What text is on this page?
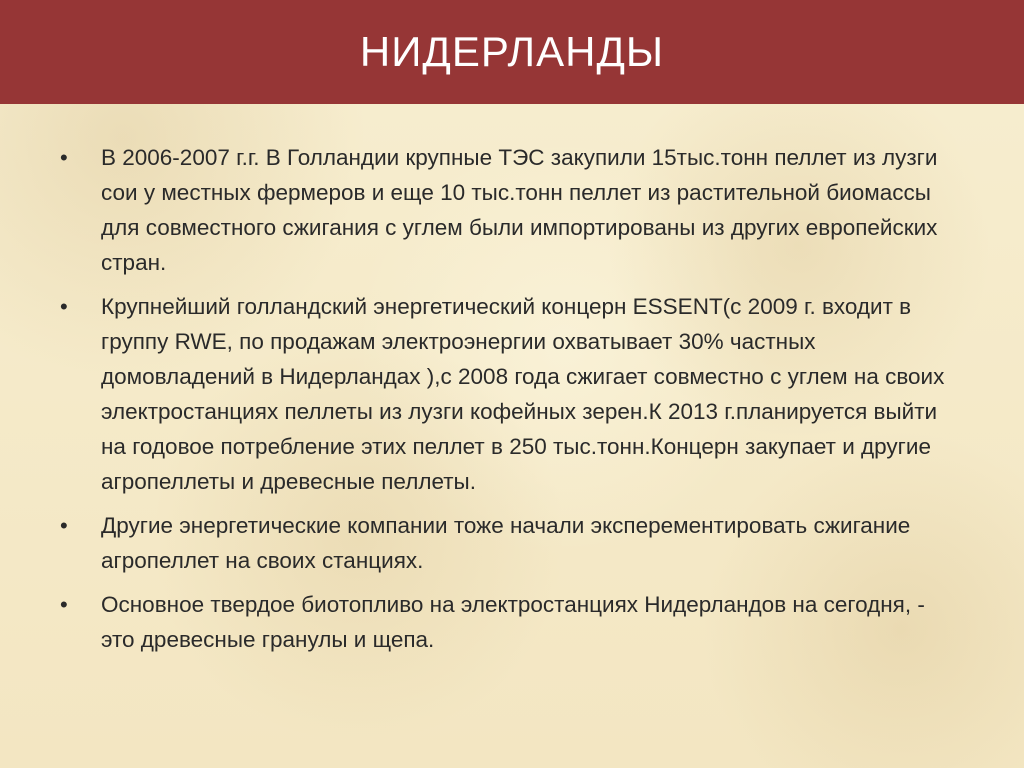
НИДЕРЛАНДЫ
•	В 2006-2007 г.г. В Голландии крупные ТЭС закупили 15тыс.тонн пеллет из лузги сои у местных фермеров и еще 10 тыс.тонн пеллет из растительной биомассы для совместного сжигания с углем были импортированы из других европейских стран.
•	Крупнейший голландский энергетический концерн ESSENT(с 2009 г. входит в группу RWE, по продажам электроэнергии охватывает 30% частных домовладений в Нидерландах ),с 2008 года сжигает совместно с углем на своих электростанциях пеллеты из лузги кофейных зерен.К 2013 г.планируется выйти на годовое потребление этих пеллет в 250 тыс.тонн.Концерн закупает и другие агропеллеты и древесные пеллеты.
•	Другие энергетические компании тоже начали эксперементировать сжигание агропеллет на своих станциях.
•	Основное твердое биотопливо на электростанциях Нидерландов на сегодня, - это древесные гранулы и щепа.
